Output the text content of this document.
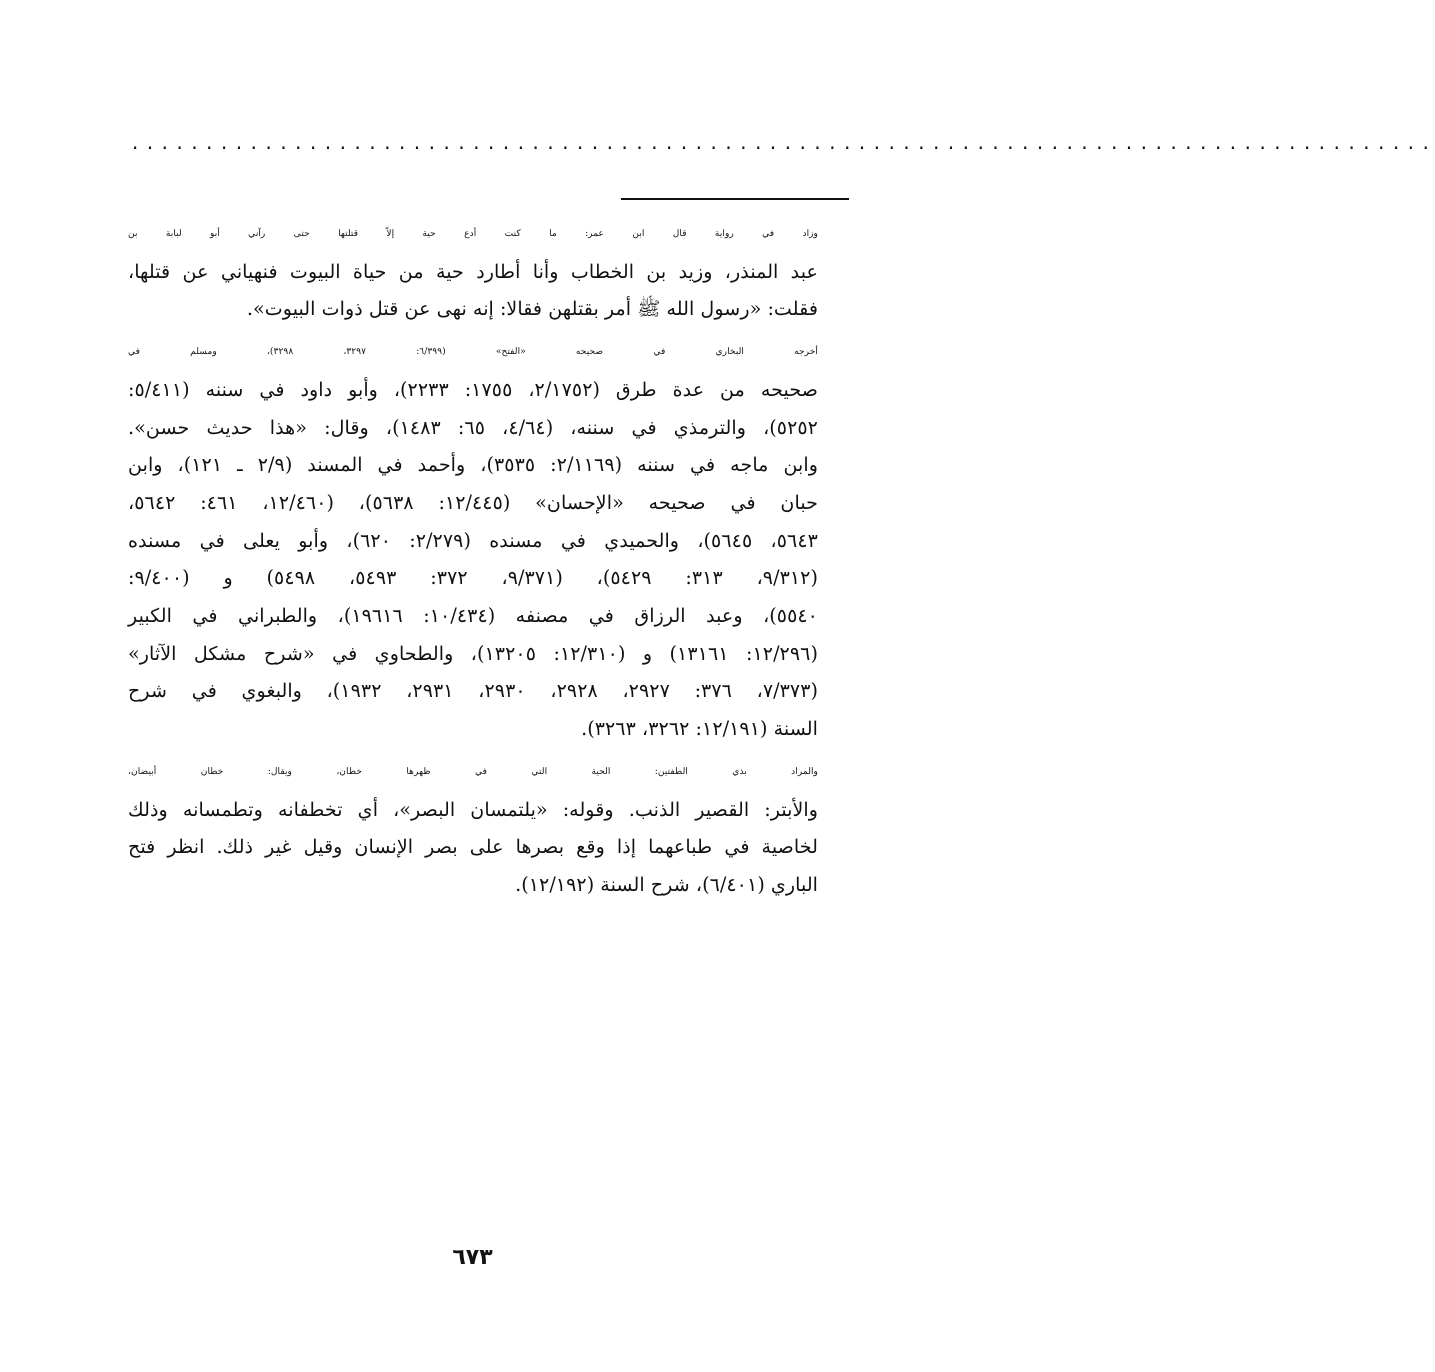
........................................................................................
وزاد في رواية قال ابن عمر: ما كنت أدع حية إلاّ قتلتها حتى رآني أبو لبابة بن
عبد المنذر، وزيد بن الخطاب وأنا أطارد حية من حياة البيوت فنهياني عن قتلها،
فقلت: «رسول الله ﷺ أمر بقتلهن فقالا: إنه نهى عن قتل ذوات البيوت».
أخرجه البخاري في صحيحه «الفتح» (٦/٣٩٩: ٣٢٩٧، ٣٢٩٨)، ومسلم في
صحيحه من عدة طرق (٢/١٧٥٢، ١٧٥٥: ٢٢٣٣)، وأبو داود في سننه (٥/٤١١:
٥٢٥٢)، والترمذي في سننه، (٤/٦٤، ٦٥: ١٤٨٣)، وقال: «هذا حديث حسن».
وابن ماجه في سننه (٢/١١٦٩: ٣٥٣٥)، وأحمد في المسند (٢/٩ ـ ١٢١)، وابن
حبان في صحيحه «الإحسان» (١٢/٤٤٥: ٥٦٣٨)، (١٢/٤٦٠، ٤٦١: ٥٦٤٢،
٥٦٤٣، ٥٦٤٥)، والحميدي في مسنده (٢/٢٧٩: ٦٢٠)، وأبو يعلى في مسنده
(٩/٣١٢، ٣١٣: ٥٤٢٩)، (٩/٣٧١، ٣٧٢: ٥٤٩٣، ٥٤٩٨) و (٩/٤٠٠:
٥٥٤٠)، وعبد الرزاق في مصنفه (١٠/٤٣٤: ١٩٦١٦)، والطبراني في الكبير
(١٢/٢٩٦: ١٣١٦١) و (١٢/٣١٠: ١٣٢٠٥)، والطحاوي في «شرح مشكل الآثار»
(٧/٣٧٣، ٣٧٦: ٢٩٢٧، ٢٩٢٨، ٢٩٣٠، ٢٩٣١، ١٩٣٢)، والبغوي في شرح
السنة (١٢/١٩١: ٣٢٦٢، ٣٢٦٣).
والمراد بذي الطفتين: الحية التي في ظهرها خطان، ويقال: خطان أبيضان،
والأبتر: القصير الذنب. وقوله: «يلتمسان البصر»، أي تخطفانه وتطمسانه وذلك
لخاصية في طباعهما إذا وقع بصرها على بصر الإنسان وقيل غير ذلك. انظر فتح
الباري (٦/٤٠١)، شرح السنة (١٢/١٩٢).
٦٧٣
